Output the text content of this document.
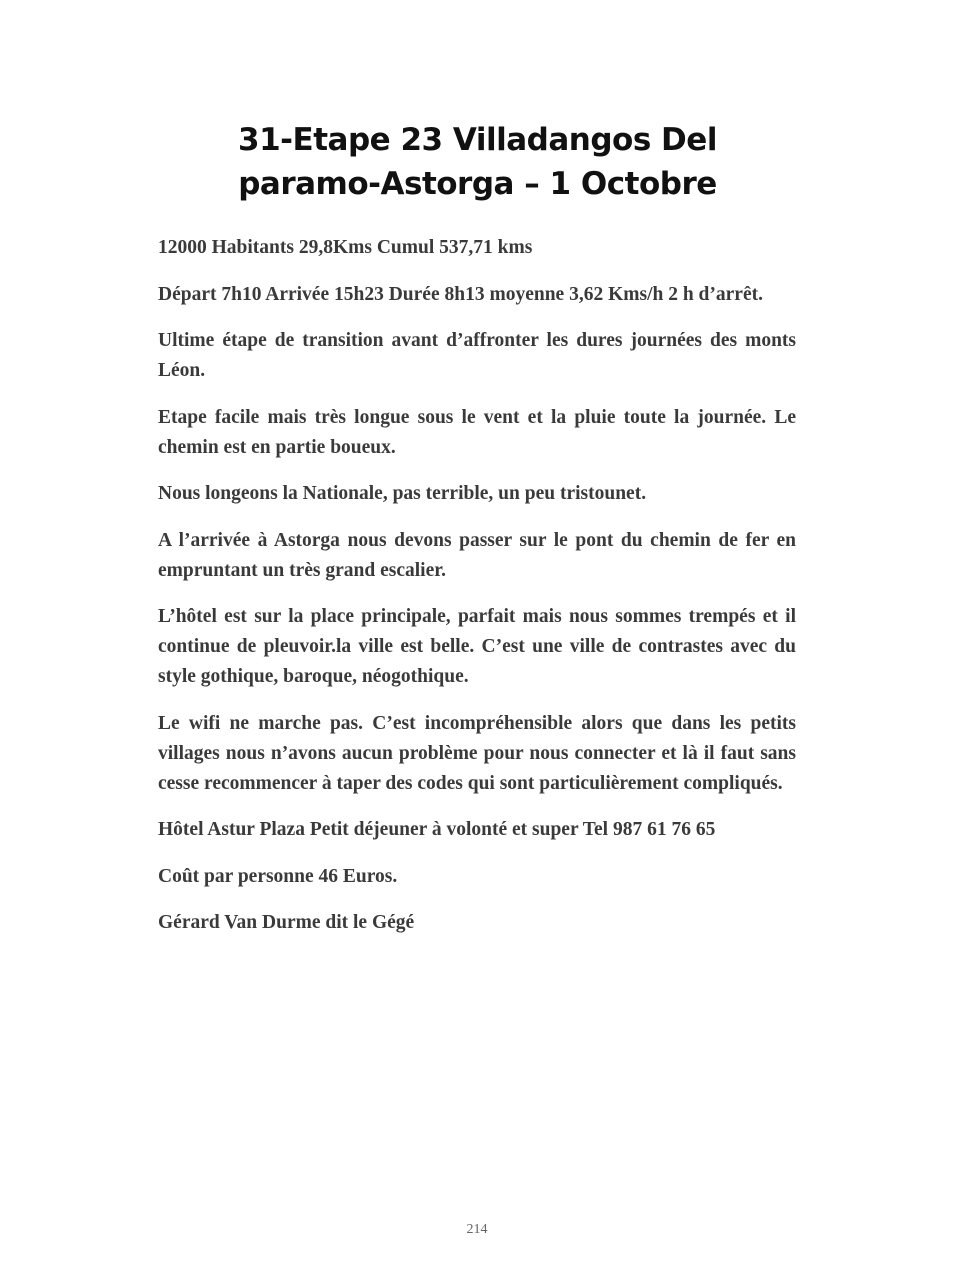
31-Etape 23 Villadangos Del
paramo-Astorga – 1 Octobre

12000 Habitants 29,8Kms Cumul 537,71 kms

Départ 7h10 Arrivée 15h23 Durée 8h13 moyenne 3,62 Kms/h 2 h d’arrêt.

Ultime étape de transition avant d’affronter les dures journées des monts Léon.

Etape facile mais très longue sous le vent et la pluie toute la journée. Le chemin est en partie boueux.

Nous longeons la Nationale, pas terrible, un peu tristounet.

A l’arrivée à Astorga nous devons passer sur le pont du chemin de fer en empruntant un très grand escalier.

L’hôtel est sur la place principale, parfait mais nous sommes trempés et il continue de pleuvoir.la ville est belle. C’est une ville de contrastes avec du style gothique, baroque, néogothique.

Le wifi ne marche pas. C’est incompréhensible alors que dans les petits villages nous n’avons aucun problème pour nous connecter et là il faut sans cesse recommencer à taper des codes qui sont particulièrement compliqués.

Hôtel Astur Plaza Petit déjeuner à volonté et super Tel 987 61 76 65

Coût par personne 46 Euros.

Gérard Van Durme dit le Gégé

214
